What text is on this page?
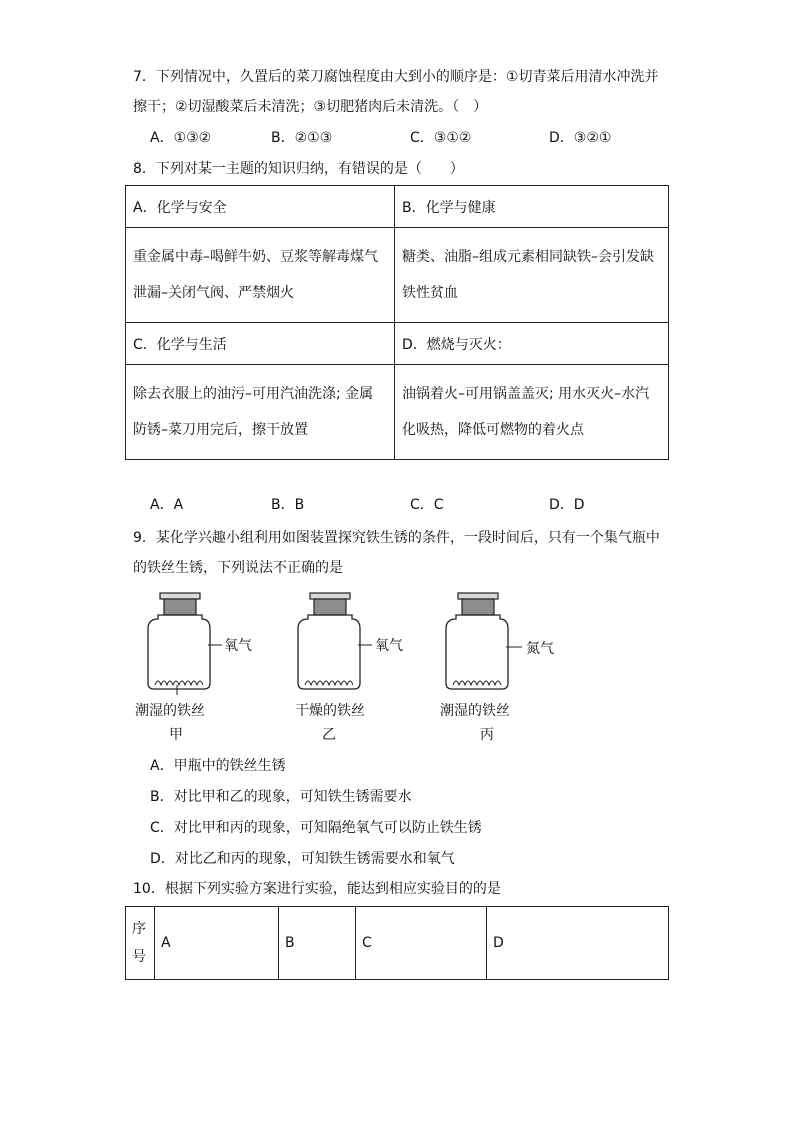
7．下列情况中，久置后的菜刀腐蚀程度由大到小的顺序是：①切青菜后用清水冲洗并
擦干；②切湿酸菜后未清洗；③切肥猪肉后未清洗。（　）
A．①③②	B．②①③	C．③①②	D．③②①
8．下列对某一主题的知识归纳，有错误的是（　　）
A．化学与安全	B．化学与健康
重金属中毒–喝鲜牛奶、豆浆等解毒煤气泄漏–关闭气阀、严禁烟火	糖类、油脂–组成元素相同缺铁–会引发缺铁性贫血
C．化学与生活	D．燃烧与灭火：
除去衣服上的油污–可用汽油洗涤; 金属防锈–菜刀用完后，擦干放置	油锅着火–可用锅盖盖灭; 用水灭火–水汽化吸热，降低可燃物的着火点
A．A	B．B	C．C	D．D
9．某化学兴趣小组利用如图装置探究铁生锈的条件，一段时间后，只有一个集气瓶中
的铁丝生锈，下列说法不正确的是
氧气
潮湿的铁丝
甲
氧气
干燥的铁丝
乙
氮气
潮湿的铁丝
丙
A．甲瓶中的铁丝生锈
B．对比甲和乙的现象，可知铁生锈需要水
C．对比甲和丙的现象，可知隔绝氧气可以防止铁生锈
D．对比乙和丙的现象，可知铁生锈需要水和氧气
10．根据下列实验方案进行实验，能达到相应实验目的的是
序号	A	B	C	D
